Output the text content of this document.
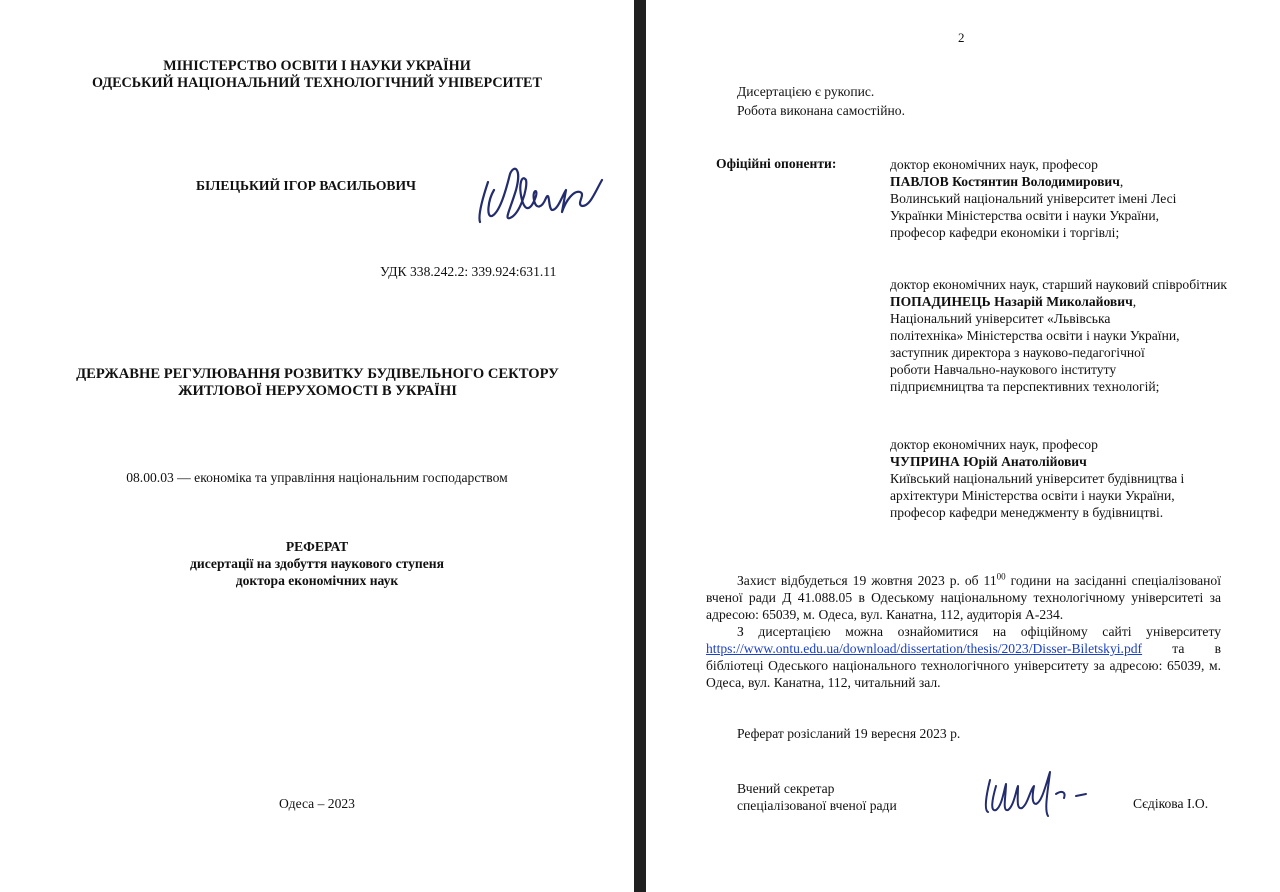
МІНІСТЕРСТВО ОСВІТИ І НАУКИ УКРАЇНИ
ОДЕСЬКИЙ НАЦІОНАЛЬНИЙ ТЕХНОЛОГІЧНИЙ УНІВЕРСИТЕТ
БІЛЕЦЬКИЙ ІГОР ВАСИЛЬОВИЧ
УДК 338.242.2: 339.924:631.11
ДЕРЖАВНЕ РЕГУЛЮВАННЯ РОЗВИТКУ БУДІВЕЛЬНОГО СЕКТОРУ
ЖИТЛОВОЇ НЕРУХОМОСТІ В УКРАЇНІ
08.00.03 — економіка та управління національним господарством
РЕФЕРАТ
дисертації на здобуття наукового ступеня
доктора економічних наук
Одеса – 2023
2
Дисертацією є рукопис.
Робота виконана самостійно.
Офіційні опоненти:	доктор економічних наук, професор
ПАВЛОВ Костянтин Володимирович,
Волинський національний університет імені Лесі
Українки Міністерства освіти і науки України,
професор кафедри економіки і торгівлі;
доктор економічних наук, старший науковий співробітник
ПОПАДИНЕЦЬ Назарій Миколайович,
Національний університет «Львівська
політехніка» Міністерства освіти і науки України,
заступник директора з науково-педагогічної
роботи Навчально-наукового інституту
підприємництва та перспективних технологій;
доктор економічних наук, професор
ЧУПРИНА Юрій Анатолійович
Київський національний університет будівництва і
архітектури Міністерства освіти і науки України,
професор кафедри менеджменту в будівництві.

Захист відбудеться 19 жовтня 2023 р. об $11^{00}$ години на засіданні спеціалізованої вченої ради Д 41.088.05 в Одеському національному технологічному університеті за адресою: 65039, м. Одеса, вул. Канатна, 112, аудиторія А-234.

З дисертацією можна ознайомитися на офіційному сайті університету https://www.ontu.edu.ua/download/dissertation/thesis/2023/Disser-Biletskyi.pdf та в бібліотеці Одеського національного технологічного університету за адресою: 65039, м. Одеса, вул. Канатна, 112, читальний зал.

Реферат розісланий 19 вересня 2023 р.
Вчений секретар
спеціалізованої вченої ради	Сєдікова І.О.
